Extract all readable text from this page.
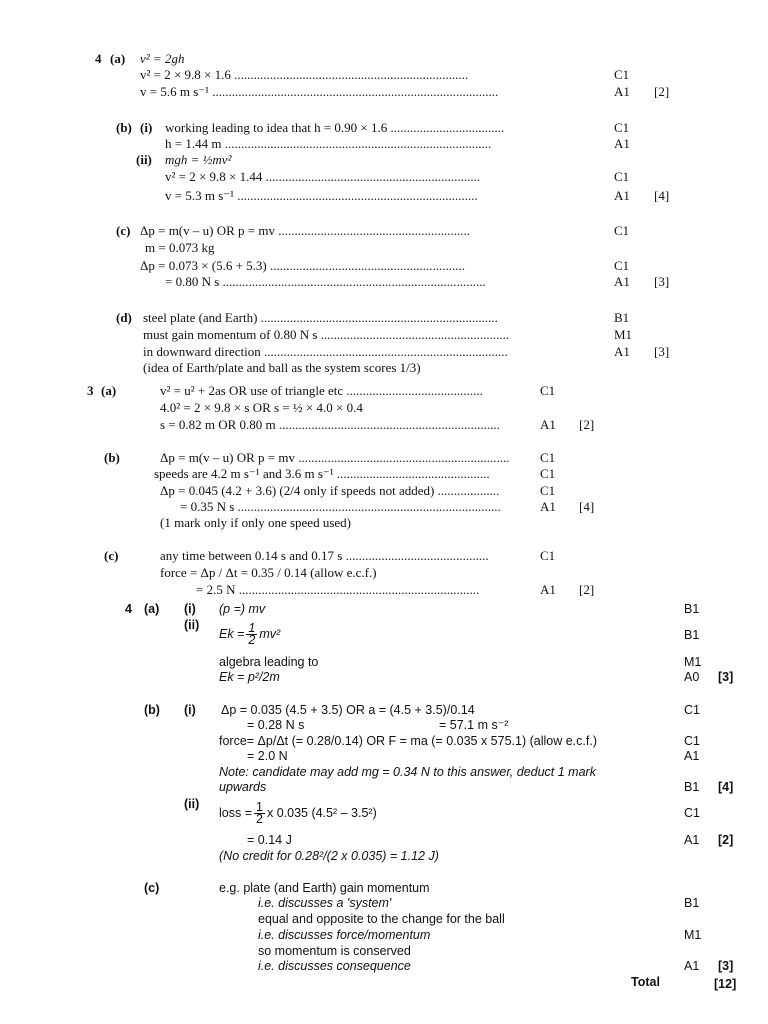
4 (a) v² = 2gh
v² = 2 × 9.8 × 1.6 ........................................................................	C1
v = 5.6 m s⁻¹ ........................................................................................	A1 [2]
(b) (i) working leading to idea that h = 0.90 × 1.6 ...................................	C1
h = 1.44 m ..................................................................................	A1
(ii) mgh = ½mv²
v² = 2 × 9.8 × 1.44 ..................................................................	C1
v = 5.3 m s⁻¹ ..........................................................................	A1 [4]
(c) Δp = m(v – u) OR p = mv ...........................................................	C1
m = 0.073 kg
Δp = 0.073 × (5.6 + 5.3) ............................................................	C1
= 0.80 N s .................................................................................	A1 [3]
(d) steel plate (and Earth) .........................................................................	B1
must gain momentum of 0.80 N s ..........................................................	M1
in downward direction ...........................................................................	A1 [3]
(idea of Earth/plate and ball as the system scores 1/3)
3 (a)	v² = u² + 2as OR use of triangle etc ..........................................	C1
4.0² = 2 × 9.8 × s OR s = ½ × 4.0 × 0.4
s = 0.82 m OR 0.80 m ....................................................................	A1 [2]
(b)	Δp = m(v – u) OR p = mv ................................................................. C1
speeds are 4.2 m s⁻¹ and 3.6 m s⁻¹ ...............................................	C1
Δp = 0.045 (4.2 + 3.6) (2/4 only if speeds not added) ...................	C1
= 0.35 N s .................................................................................	A1 [4]
(1 mark only if only one speed used)
(c)	any time between 0.14 s and 0.17 s ............................................	C1
force = Δp / Δt = 0.35 / 0.14 (allow e.c.f.)
= 2.5 N ..........................................................................	A1 [2]
4 (a) (i) (p =) mv	B1
(ii)
$Ek = \frac{1}{2} mv^2$	B1
algebra leading to	M1
Ek = p²/2m	A0 [3]
(b) (i) Δp = 0.035 (4.5 + 3.5) OR a = (4.5 + 3.5)/0.14	C1
= 0.28 N s	= 57.1 m s⁻²
force= Δp/Δt (= 0.28/0.14) OR F = ma (= 0.035 x 575.1) (allow e.c.f.)	C1
= 2.0 N	A1
Note: candidate may add mg = 0.34 N to this answer, deduct 1 mark
upwards	B1 [4]
(ii)
loss = $\frac{1}{2}$ x 0.035 (4.5² – 3.5²)	C1
= 0.14 J	A1 [2]
(No credit for 0.28²/(2 x 0.035) = 1.12 J)
(c)	e.g. plate (and Earth) gain momentum
i.e. discusses a 'system'	B1
equal and opposite to the change for the ball
i.e. discusses force/momentum	M1
so momentum is conserved
i.e. discusses consequence	A1 [3]
Total	[12]
